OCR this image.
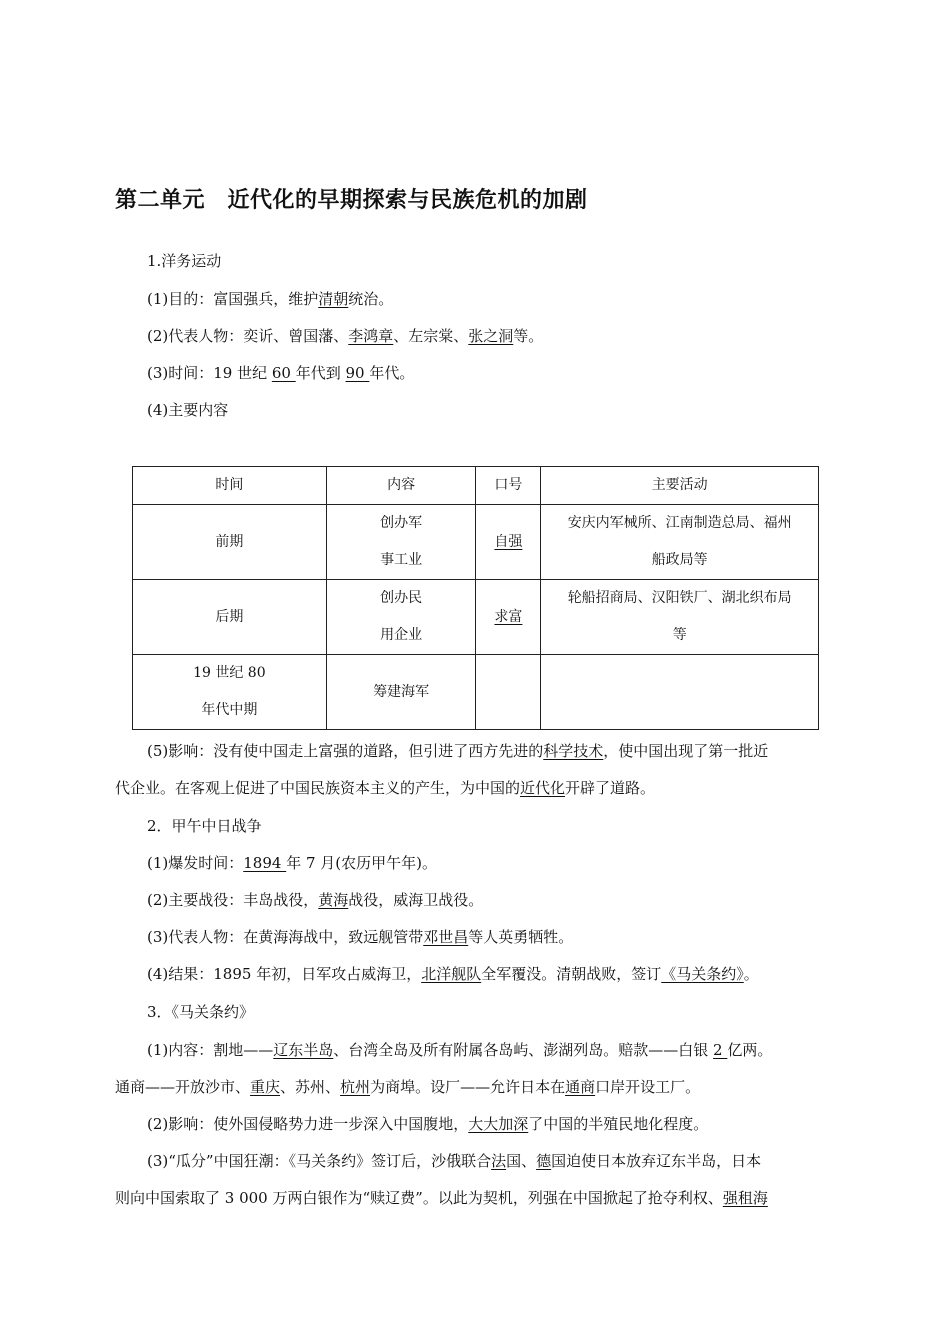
第二单元　近代化的早期探索与民族危机的加剧
1.洋务运动
(1)目的：富国强兵，维护清朝统治。
(2)代表人物：奕䜣、曾国藩、李鸿章、左宗棠、张之洞等。
(3)时间：19 世纪 60 年代到 90 年代。
(4)主要内容
时间	内容	口号	主要活动

前期	创办军
事工业	自强	安庆内军械所、江南制造总局、福州
船政局等

后期	创办民
用企业	求富	轮船招商局、汉阳铁厂、湖北织布局
等

19 世纪 80
年代中期	筹建海军		

(5)影响：没有使中国走上富强的道路，但引进了西方先进的科学技术，使中国出现了第一批近
代企业。在客观上促进了中国民族资本主义的产生，为中国的近代化开辟了道路。
2．甲午中日战争
(1)爆发时间：1894 年 7 月(农历甲午年)。
(2)主要战役：丰岛战役，黄海战役，威海卫战役。
(3)代表人物：在黄海海战中，致远舰管带邓世昌等人英勇牺牲。
(4)结果：1895 年初，日军攻占威海卫，北洋舰队全军覆没。清朝战败，签订《马关条约》。
3．《马关条约》
(1)内容：割地——辽东半岛、台湾全岛及所有附属各岛屿、澎湖列岛。赔款——白银 2 亿两。
通商——开放沙市、重庆、苏州、杭州为商埠。设厂——允许日本在通商口岸开设工厂。
(2)影响：使外国侵略势力进一步深入中国腹地，大大加深了中国的半殖民地化程度。
(3)“瓜分”中国狂潮：《马关条约》签订后，沙俄联合法国、德国迫使日本放弃辽东半岛，日本
则向中国索取了 3 000 万两白银作为“赎辽费”。以此为契机，列强在中国掀起了抢夺利权、强租海
